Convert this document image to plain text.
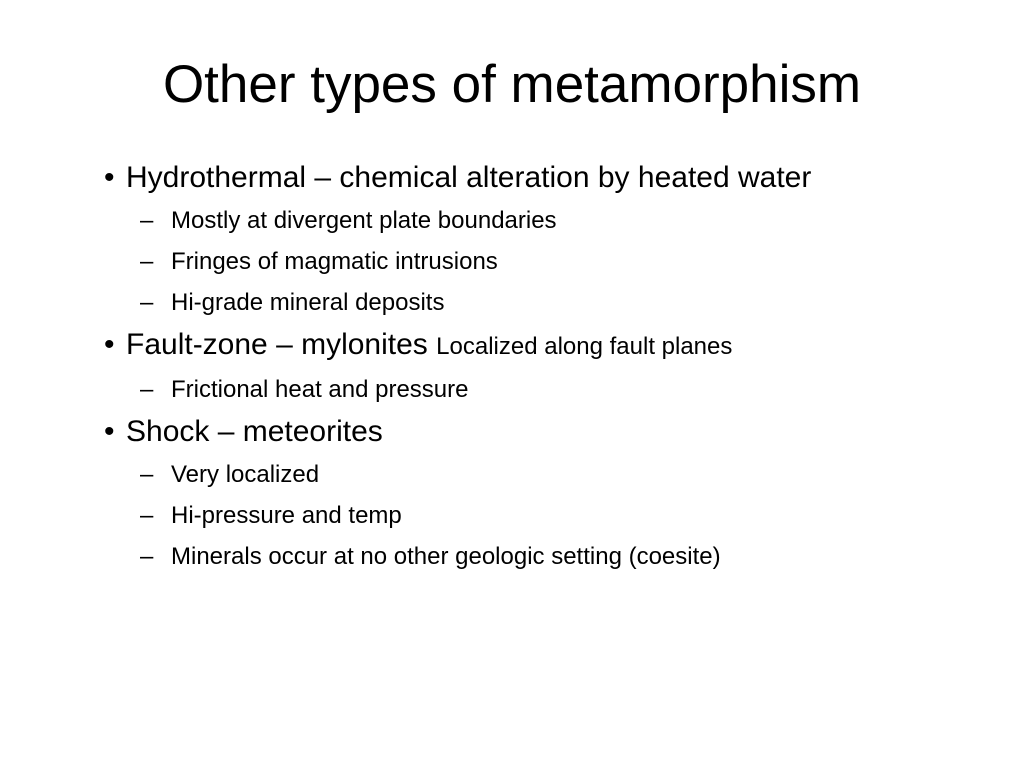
Other types of metamorphism
• Hydrothermal – chemical alteration by heated water
– Mostly at divergent plate boundaries
– Fringes of magmatic intrusions
– Hi-grade mineral deposits
• Fault-zone – mylonites Localized along fault planes
– Frictional heat and pressure
• Shock – meteorites
– Very localized
– Hi-pressure and temp
– Minerals occur at no other geologic setting (coesite)
